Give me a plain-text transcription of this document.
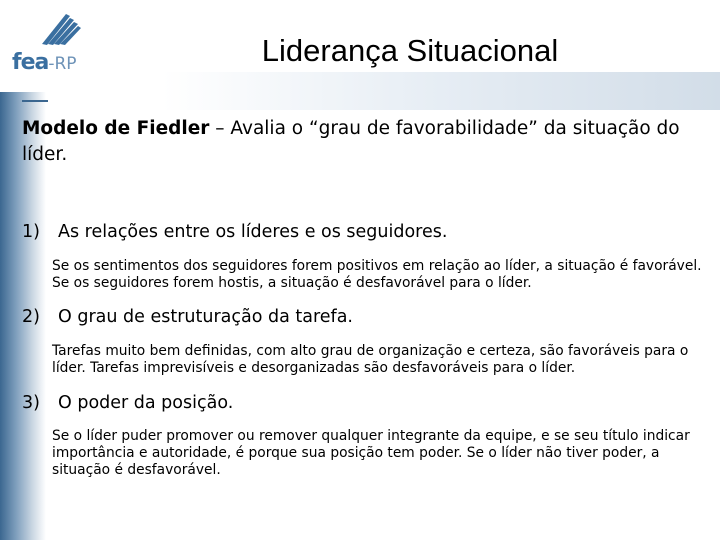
fea-RP	Liderança Situacional
Modelo de Fiedler – Avalia o “grau de favorabilidade” da situação do líder.
1) As relações entre os líderes e os seguidores.
Se os sentimentos dos seguidores forem positivos em relação ao líder, a situação é favorável. Se os seguidores forem hostis, a situação é desfavorável para o líder.
2) O grau de estruturação da tarefa.
Tarefas muito bem definidas, com alto grau de organização e certeza, são favoráveis para o líder. Tarefas imprevisíveis e desorganizadas são desfavoráveis para o líder.
3) O poder da posição.
Se o líder puder promover ou remover qualquer integrante da equipe, e se seu título indicar importância e autoridade, é porque sua posição tem poder. Se o líder não tiver poder, a situação é desfavorável.
